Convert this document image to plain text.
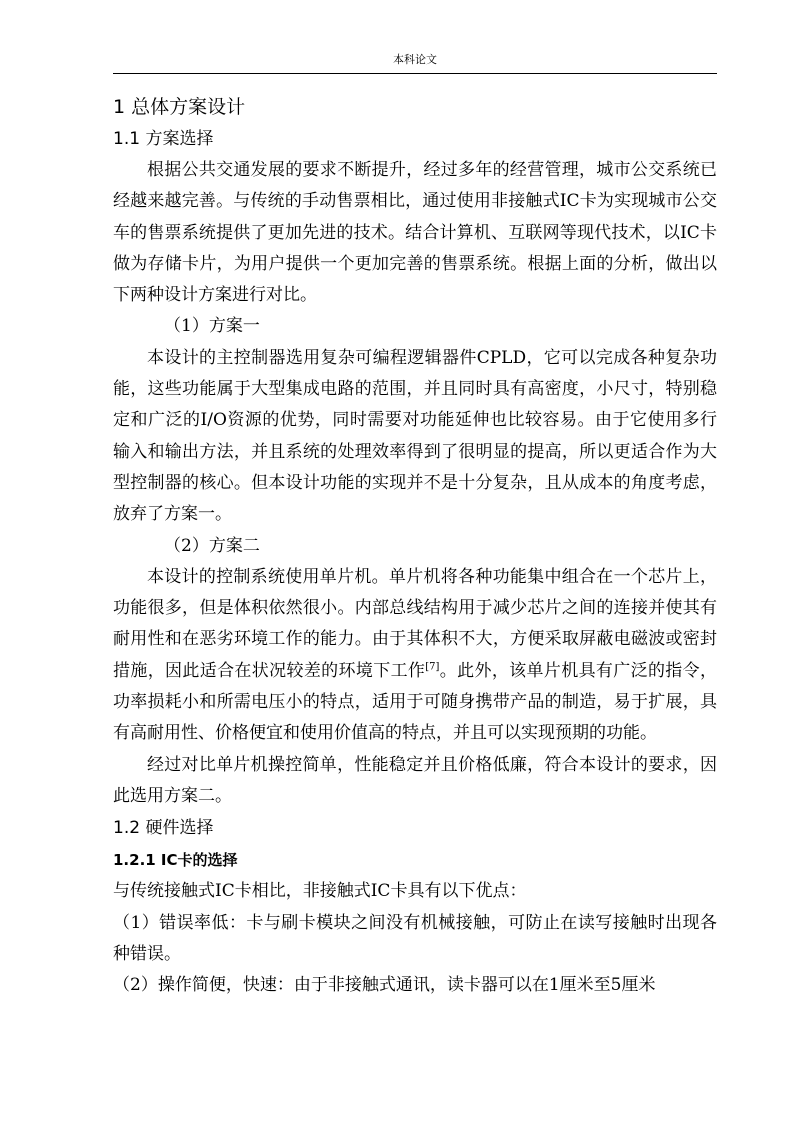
本科论文
1 总体方案设计
1.1 方案选择

根据公共交通发展的要求不断提升，经过多年的经营管理，城市公交系统已经越来越完善。与传统的手动售票相比，通过使用非接触式IC卡为实现城市公交车的售票系统提供了更加先进的技术。结合计算机、互联网等现代技术，以IC卡做为存储卡片，为用户提供一个更加完善的售票系统。根据上面的分析，做出以下两种设计方案进行对比。

（1）方案一

本设计的主控制器选用复杂可编程逻辑器件CPLD，它可以完成各种复杂功能，这些功能属于大型集成电路的范围，并且同时具有高密度，小尺寸，特别稳定和广泛的I/O资源的优势，同时需要对功能延伸也比较容易。由于它使用多行输入和输出方法，并且系统的处理效率得到了很明显的提高，所以更适合作为大型控制器的核心。但本设计功能的实现并不是十分复杂，且从成本的角度考虑，放弃了方案一。

（2）方案二

本设计的控制系统使用单片机。单片机将各种功能集中组合在一个芯片上，功能很多，但是体积依然很小。内部总线结构用于减少芯片之间的连接并使其有耐用性和在恶劣环境工作的能力。由于其体积不大，方便采取屏蔽电磁波或密封措施，因此适合在状况较差的环境下工作[7]。此外，该单片机具有广泛的指令，功率损耗小和所需电压小的特点，适用于可随身携带产品的制造，易于扩展，具有高耐用性、价格便宜和使用价值高的特点，并且可以实现预期的功能。

经过对比单片机操控简单，性能稳定并且价格低廉，符合本设计的要求，因此选用方案二。

1.2 硬件选择
1.2.1 IC卡的选择

与传统接触式IC卡相比，非接触式IC卡具有以下优点：

（1）错误率低：卡与刷卡模块之间没有机械接触，可防止在读写接触时出现各种错误。

（2）操作简便，快速：由于非接触式通讯，读卡器可以在1厘米至5厘米
